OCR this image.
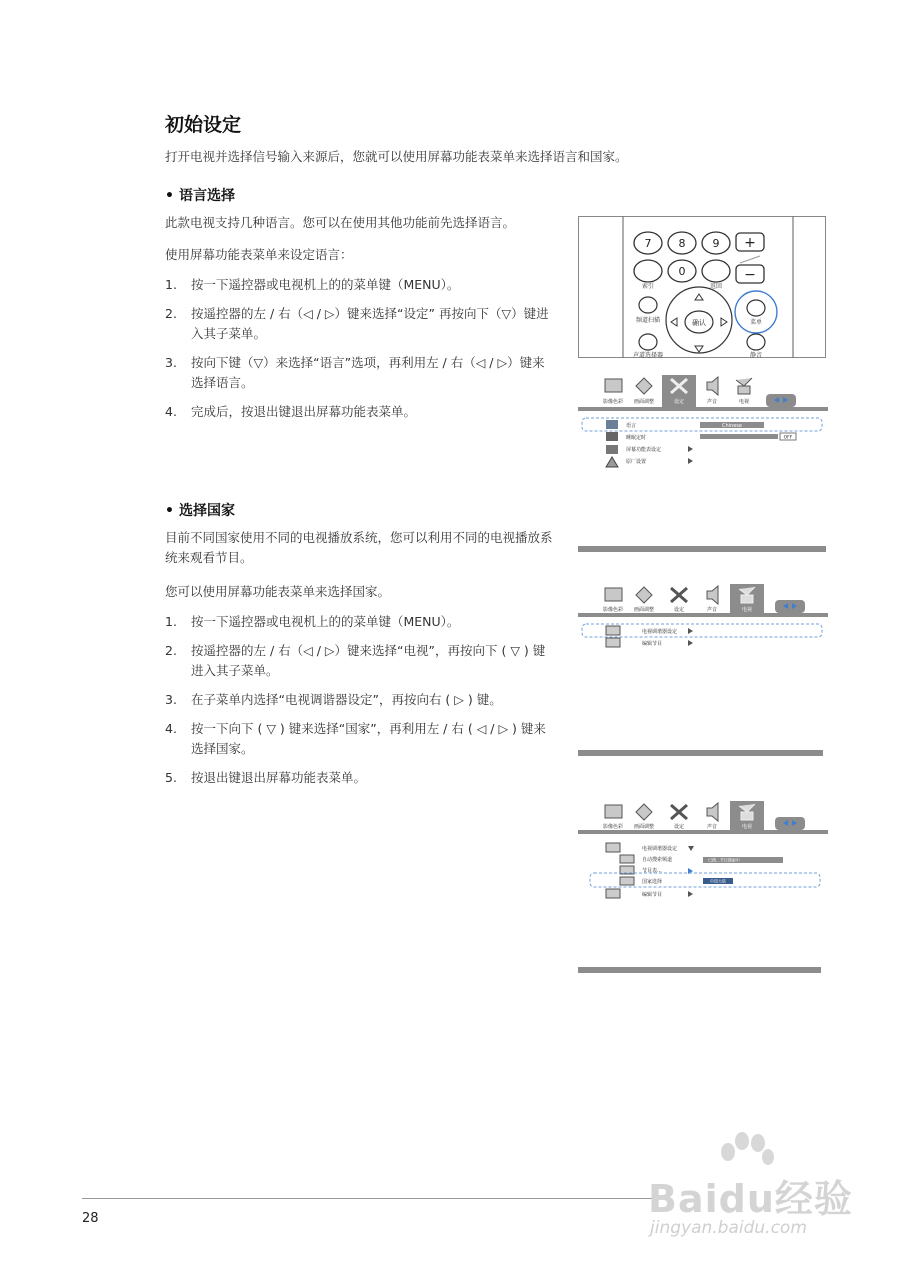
初始设定
打开电视并选择信号输入来源后，您就可以使用屏幕功能表菜单来选择语言和国家。
• 语言选择
此款电视支持几种语言。您可以在使用其他功能前先选择语言。
使用屏幕功能表菜单来设定语言：
1. 按一下遥控器或电视机上的的菜单键（MENU）。
2. 按遥控器的左 / 右（◁ / ▷）键来选择“设定” 再按向下（▽）键进入其子菜单。
3. 按向下键（▽）来选择“语言”选项，再利用左 / 右（◁ / ▷）键来选择语言。
4. 完成后，按退出键退出屏幕功能表菜单。
• 选择国家
目前不同国家使用不同的电视播放系统，您可以利用不同的电视播放系统来观看节目。
您可以使用屏幕功能表菜单来选择国家。
1. 按一下遥控器或电视机上的的菜单键（MENU）。
2. 按遥控器的左 / 右（◁ / ▷）键来选择“电视”，再按向下 ( ▽ ) 键进入其子菜单。
3. 在子菜单内选择“电视调谐器设定”，再按向右 ( ▷ ) 键。
4. 按一下向下 ( ▽ ) 键来选择“国家”，再利用左 / 右 ( ◁ / ▷ ) 键来选择国家。
5. 按退出键退出屏幕功能表菜单。
7 8 9
0
+
−
索引	返回
频道扫描	确认	菜单
声道选择器	静音
影像色彩 画面调整	设定	声音	电视
语言
睡眠定时
屏幕功能表设定
原厂设置
Chinese
OFF
影像色彩 画面调整	设定	声音	电视
电视调谐器设定
编辑节目
影像色彩 画面调整	设定	声音	电视
电视调谐器设定
自动搜索频道	已搜...节目搜索中
节目表...
国家选择	中国大陆
编辑节目
28	Baidu经验
jingyan.baidu.com
